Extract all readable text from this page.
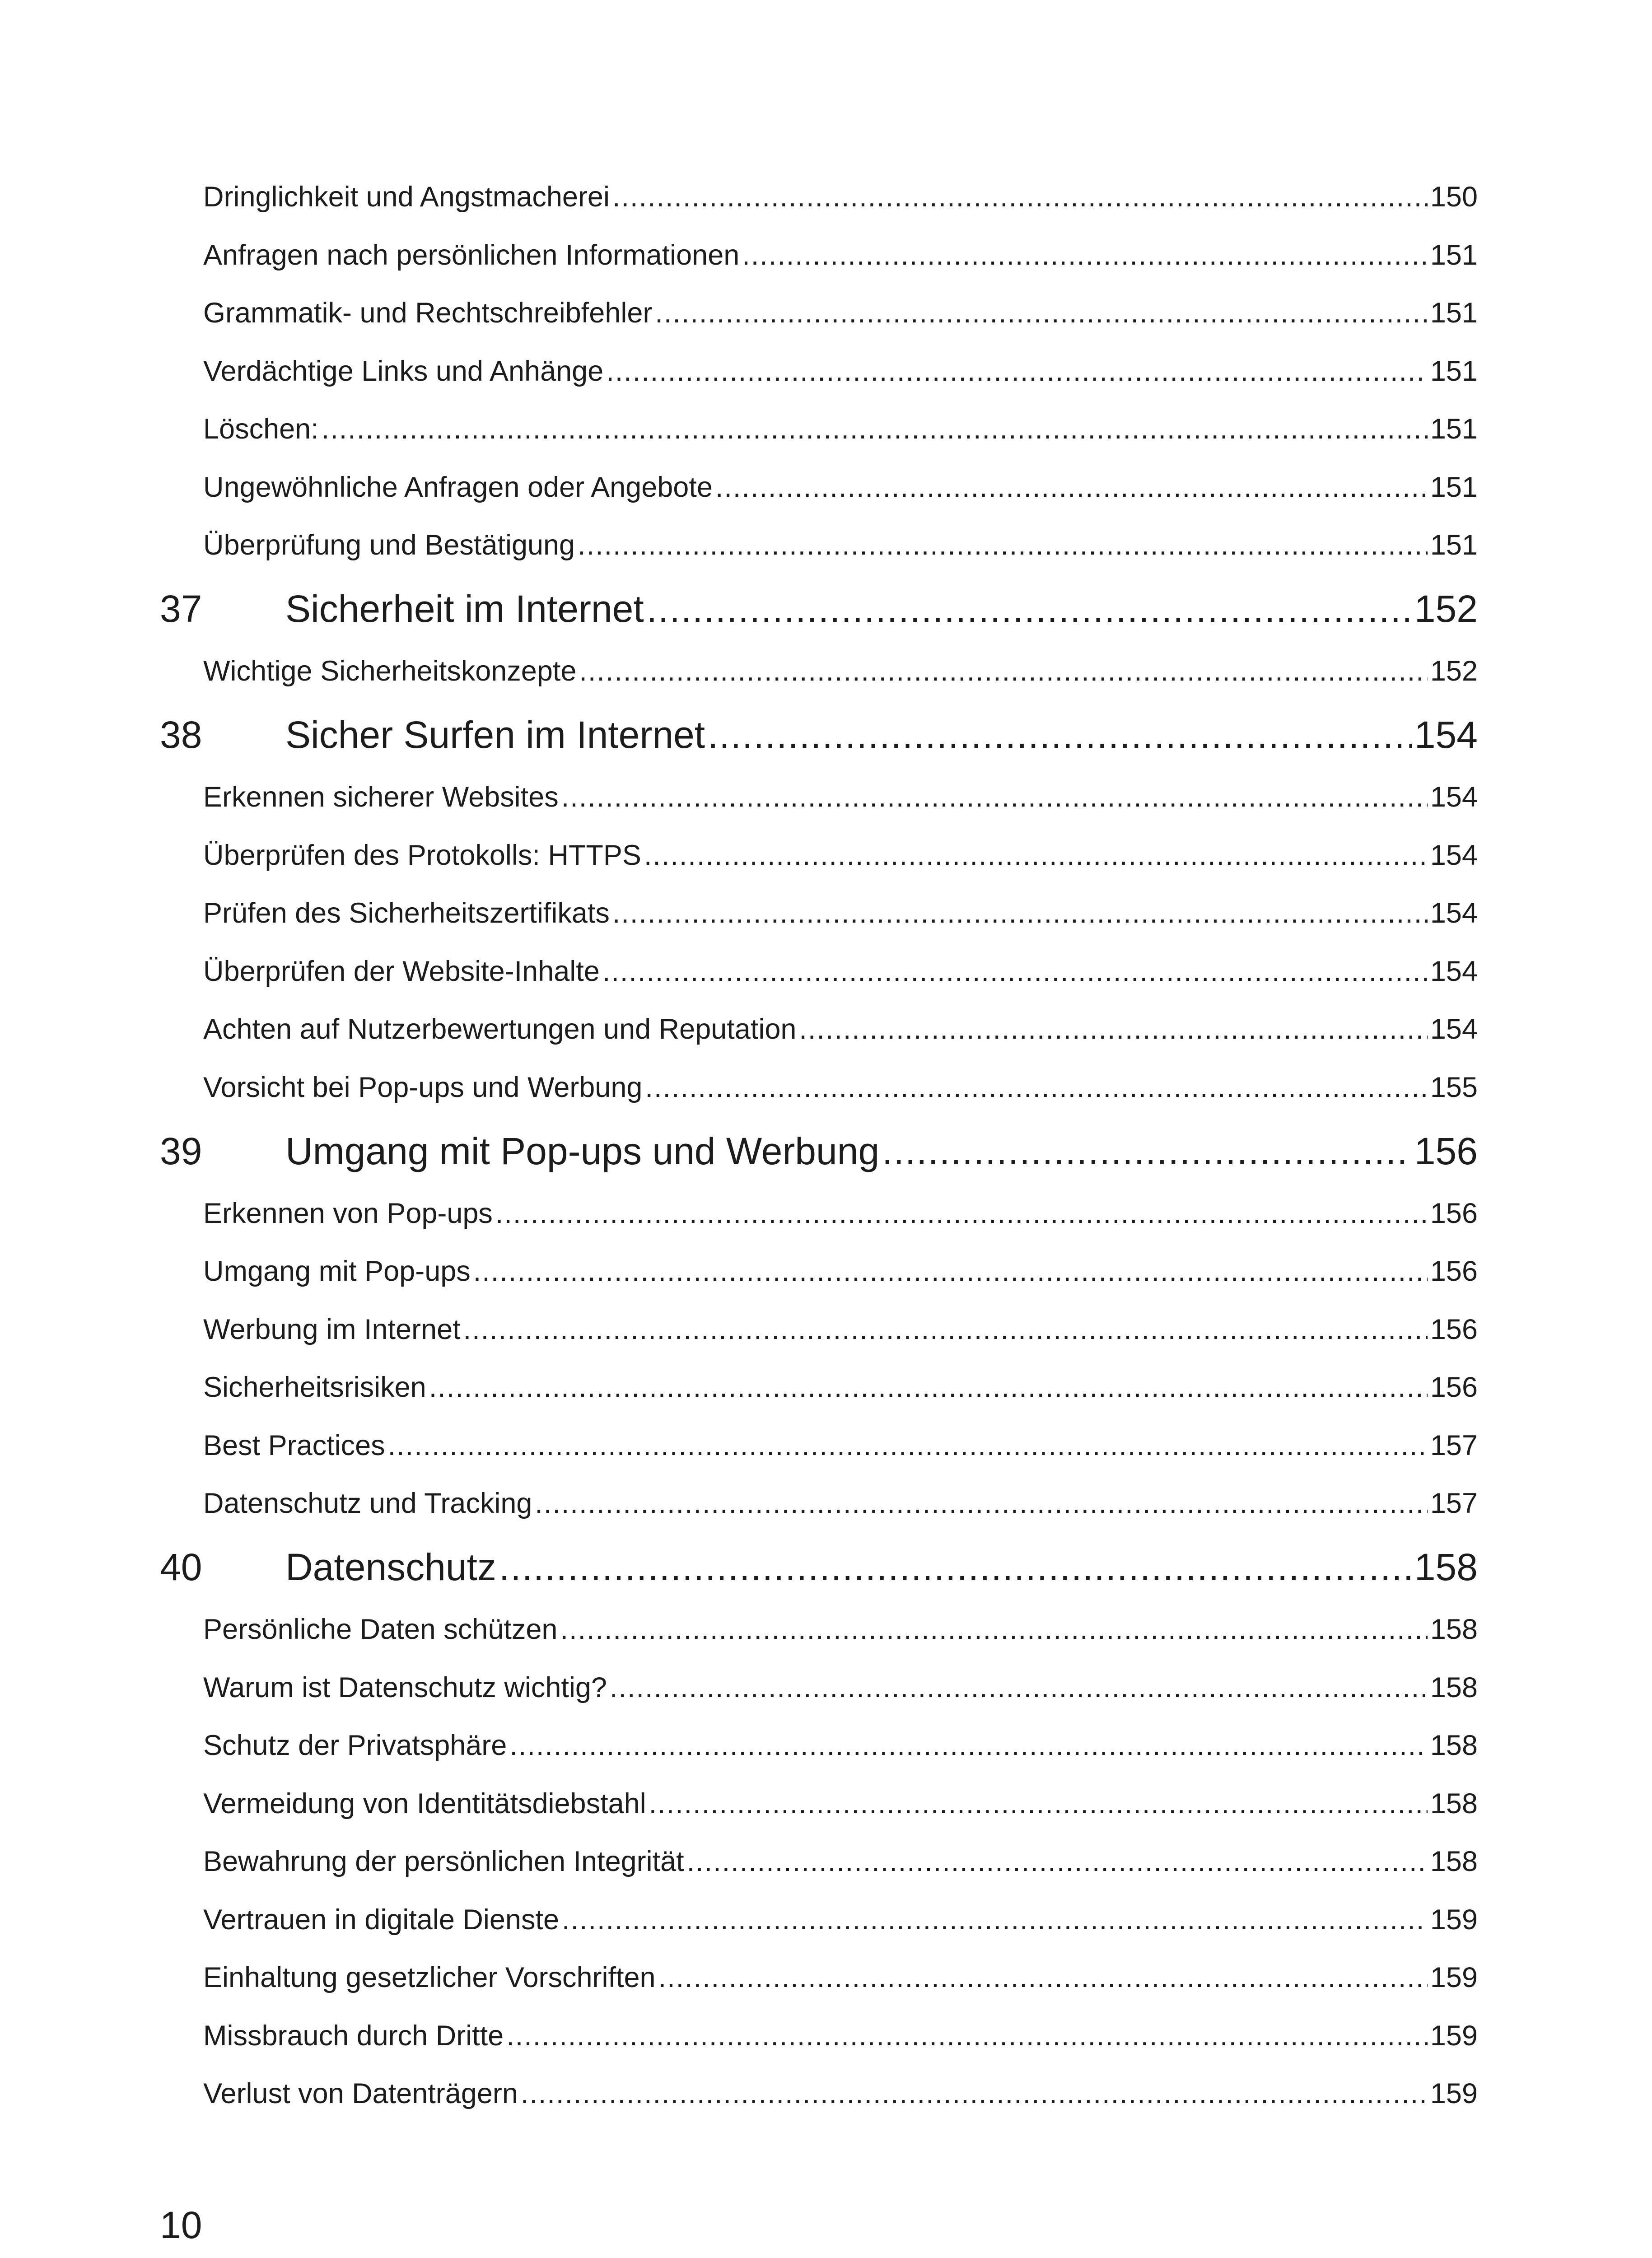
Dringlichkeit und Angstmacherei .....	150
Anfragen nach persönlichen Informationen .....	151
Grammatik- und Rechtschreibfehler .....	151
Verdächtige Links und Anhänge .....	151
Löschen: .....	151
Ungewöhnliche Anfragen oder Angebote .....	151
Überprüfung und Bestätigung .....	151
37	Sicherheit im Internet .....	152
Wichtige Sicherheitskonzepte .....	152
38	Sicher Surfen im Internet .....	154
Erkennen sicherer Websites .....	154
Überprüfen des Protokolls: HTTPS .....	154
Prüfen des Sicherheitszertifikats .....	154
Überprüfen der Website-Inhalte .....	154
Achten auf Nutzerbewertungen und Reputation .....	154
Vorsicht bei Pop-ups und Werbung .....	155
39	Umgang mit Pop-ups und Werbung .....	156
Erkennen von Pop-ups .....	156
Umgang mit Pop-ups .....	156
Werbung im Internet .....	156
Sicherheitsrisiken .....	156
Best Practices .....	157
Datenschutz und Tracking .....	157
40	Datenschutz .....	158
Persönliche Daten schützen .....	158
Warum ist Datenschutz wichtig? .....	158
Schutz der Privatsphäre .....	158
Vermeidung von Identitätsdiebstahl .....	158
Bewahrung der persönlichen Integrität .....	158
Vertrauen in digitale Dienste .....	159
Einhaltung gesetzlicher Vorschriften .....	159
Missbrauch durch Dritte .....	159
Verlust von Datenträgern .....	159
10
